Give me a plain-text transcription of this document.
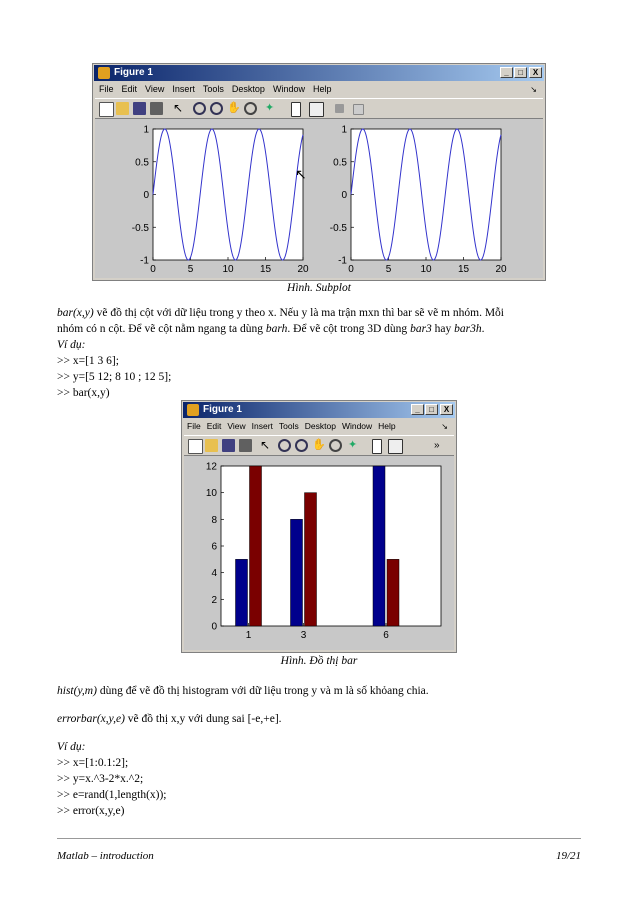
Figure 1	_	□	X
File Edit View Insert Tools Desktop Window Help	↘
↖	✋ ✦
0	5	10	15	20
1
0.5
0
-0.5
-1
0	5	10	15	20
1
0.5
0
-0.5
-1
↖
Hình. Subplot
bar(x,y) vẽ đồ thị cột với dữ liệu trong y theo x. Nếu y là ma trận mxn thì bar sẽ vẽ m nhóm. Mỗi
nhóm có n cột. Để vẽ cột nằm ngang ta dùng barh. Để vẽ cột trong 3D dùng bar3 hay bar3h.
Ví dụ:
>> x=[1 3 6];
>> y=[5 12; 8 10 ; 12 5];
>> bar(x,y)
Figure 1	_	□	X
File Edit View Insert Tools Desktop Window Help	↘
↖	✋ ✦	»
0
2
4
6
8
10
12
1	3	6
Hình. Đồ thị bar
hist(y,m) dùng để vẽ đồ thị histogram với dữ liệu trong y và m là số khỏang chia.
errorbar(x,y,e) vẽ đồ thị x,y với dung sai [-e,+e].
Ví dụ:
>> x=[1:0.1:2];
>> y=x.^3-2*x.^2;
>> e=rand(1,length(x));
>> error(x,y,e)
Matlab – introduction	19/21
